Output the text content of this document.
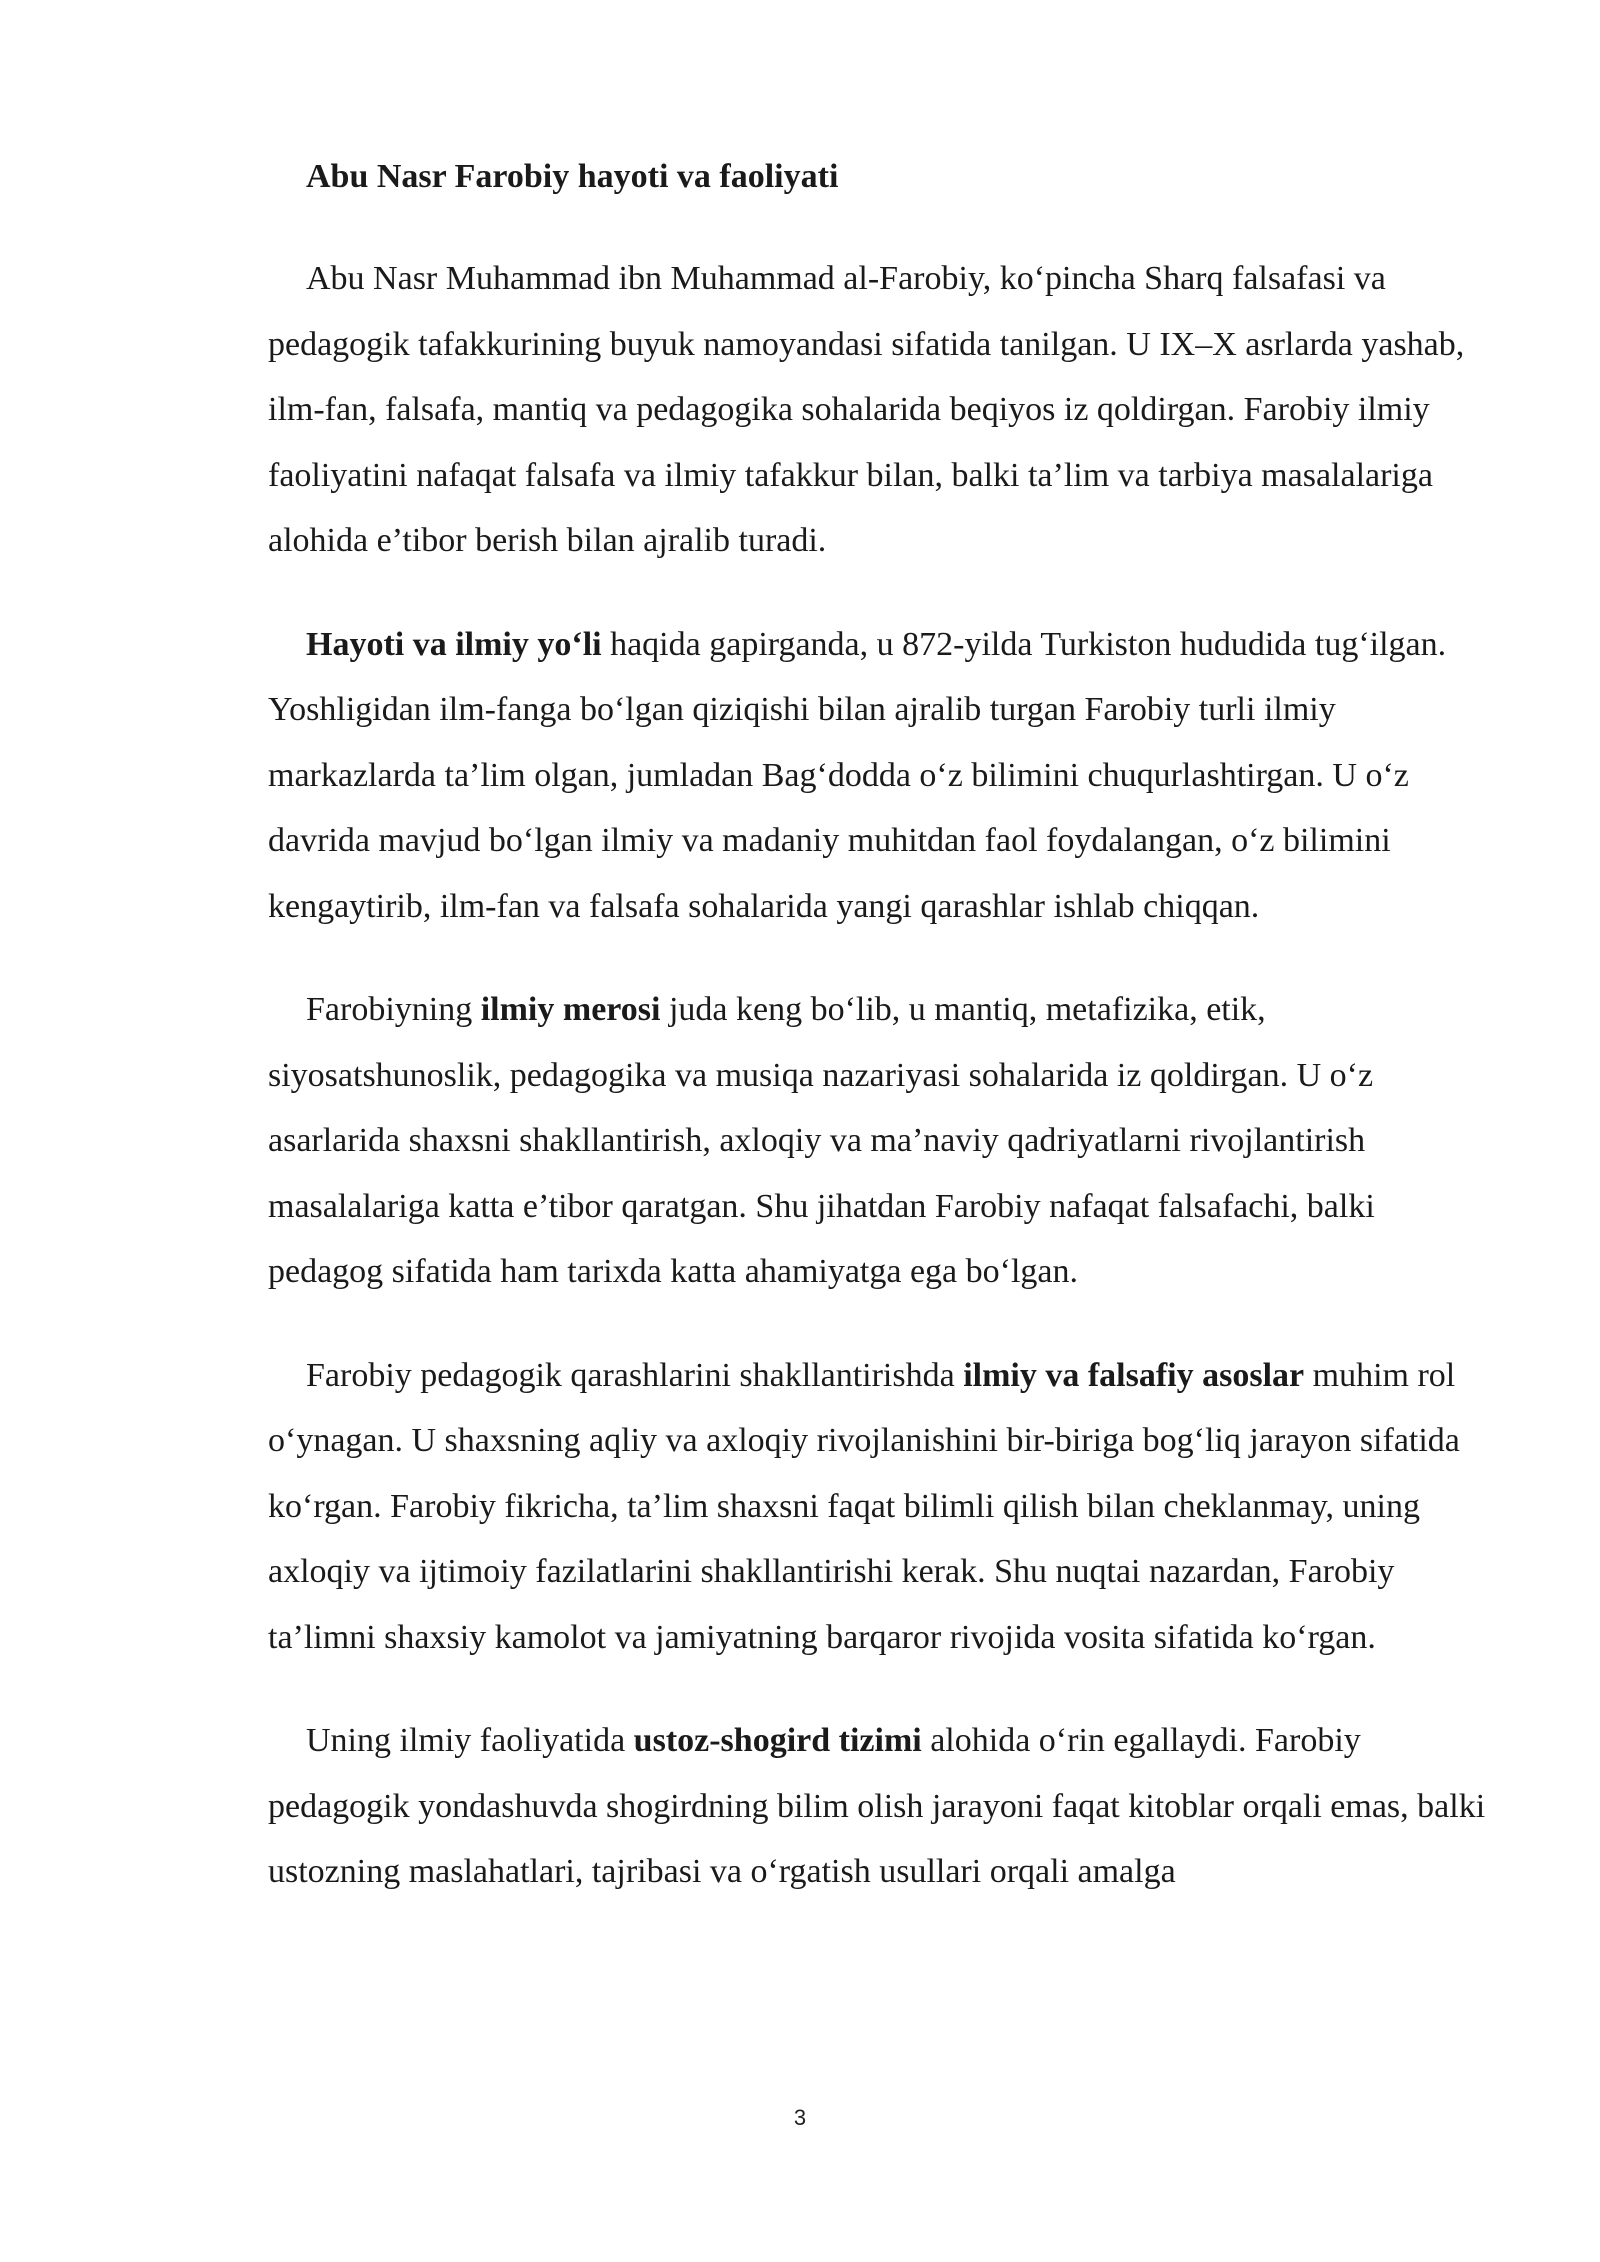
Abu Nasr Farobiy hayoti va faoliyati

Abu Nasr Muhammad ibn Muhammad al-Farobiy, ko‘pincha Sharq falsafasi va pedagogik tafakkurining buyuk namoyandasi sifatida tanilgan. U IX–X asrlarda yashab, ilm-fan, falsafa, mantiq va pedagogika sohalarida beqiyos iz qoldirgan. Farobiy ilmiy faoliyatini nafaqat falsafa va ilmiy tafakkur bilan, balki ta’lim va tarbiya masalalariga alohida e’tibor berish bilan ajralib turadi.

Hayoti va ilmiy yo‘li haqida gapirganda, u 872-yilda Turkiston hududida tug‘ilgan. Yoshligidan ilm-fanga bo‘lgan qiziqishi bilan ajralib turgan Farobiy turli ilmiy markazlarda ta’lim olgan, jumladan Bag‘dodda o‘z bilimini chuqurlashtirgan. U o‘z davrida mavjud bo‘lgan ilmiy va madaniy muhitdan faol foydalangan, o‘z bilimini kengaytirib, ilm-fan va falsafa sohalarida yangi qarashlar ishlab chiqqan.

Farobiyning ilmiy merosi juda keng bo‘lib, u mantiq, metafizika, etik, siyosatshunoslik, pedagogika va musiqa nazariyasi sohalarida iz qoldirgan. U o‘z asarlarida shaxsni shakllantirish, axloqiy va ma’naviy qadriyatlarni rivojlantirish masalalariga katta e’tibor qaratgan. Shu jihatdan Farobiy nafaqat falsafachi, balki pedagog sifatida ham tarixda katta ahamiyatga ega bo‘lgan.

Farobiy pedagogik qarashlarini shakllantirishda ilmiy va falsafiy asoslar muhim rol o‘ynagan. U shaxsning aqliy va axloqiy rivojlanishini bir-biriga bog‘liq jarayon sifatida ko‘rgan. Farobiy fikricha, ta’lim shaxsni faqat bilimli qilish bilan cheklanmay, uning axloqiy va ijtimoiy fazilatlarini shakllantirishi kerak. Shu nuqtai nazardan, Farobiy ta’limni shaxsiy kamolot va jamiyatning barqaror rivojida vosita sifatida ko‘rgan.

Uning ilmiy faoliyatida ustoz-shogird tizimi alohida o‘rin egallaydi. Farobiy pedagogik yondashuvda shogirdning bilim olish jarayoni faqat kitoblar orqali emas, balki ustozning maslahatlari, tajribasi va o‘rgatish usullari orqali amalga

3
